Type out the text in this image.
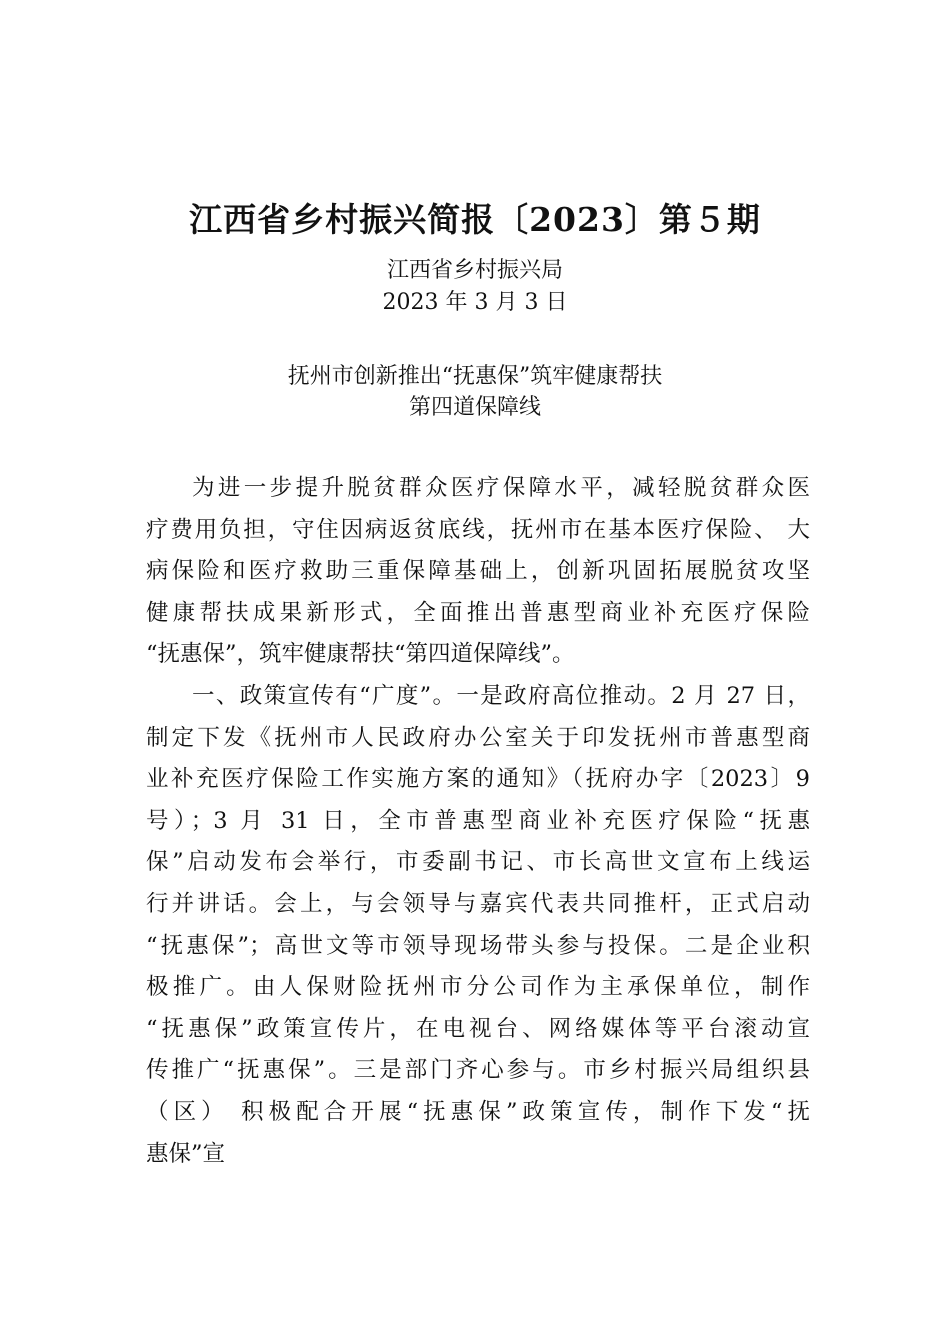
江西省乡村振兴简报〔2023〕第５期
江西省乡村振兴局
2023 年 3 月 3 日
抚州市创新推出“抚惠保”筑牢健康帮扶
第四道保障线
为进一步提升脱贫群众医疗保障水平，减轻脱贫群众医
疗费用负担，守住因病返贫底线，抚州市在基本医疗保险、 大
病保险和医疗救助三重保障基础上，创新巩固拓展脱贫攻坚
健康帮扶成果新形式，全面推出普惠型商业补充医疗保险
“抚惠保”，筑牢健康帮扶“第四道保障线”。
一、政策宣传有“广度”。一是政府高位推动。2 月 27 日，
制定下发《抚州市人民政府办公室关于印发抚州市普惠型商
业补充医疗保险工作实施方案的通知》（抚府办字〔2023〕9
号）；3 月 31 日，全市普惠型商业补充医疗保险“抚惠
保”启动发布会举行，市委副书记、市长高世文宣布上线运
行并讲话。会上，与会领导与嘉宾代表共同推杆，正式启动
“抚惠保”；高世文等市领导现场带头参与投保。二是企业积
极推广。由人保财险抚州市分公司作为主承保单位，制作
“抚惠保”政策宣传片，在电视台、网络媒体等平台滚动宣
传推广“抚惠保”。三是部门齐心参与。市乡村振兴局组织县
（区） 积极配合开展“抚惠保”政策宣传，制作下发“抚
惠保”宣
